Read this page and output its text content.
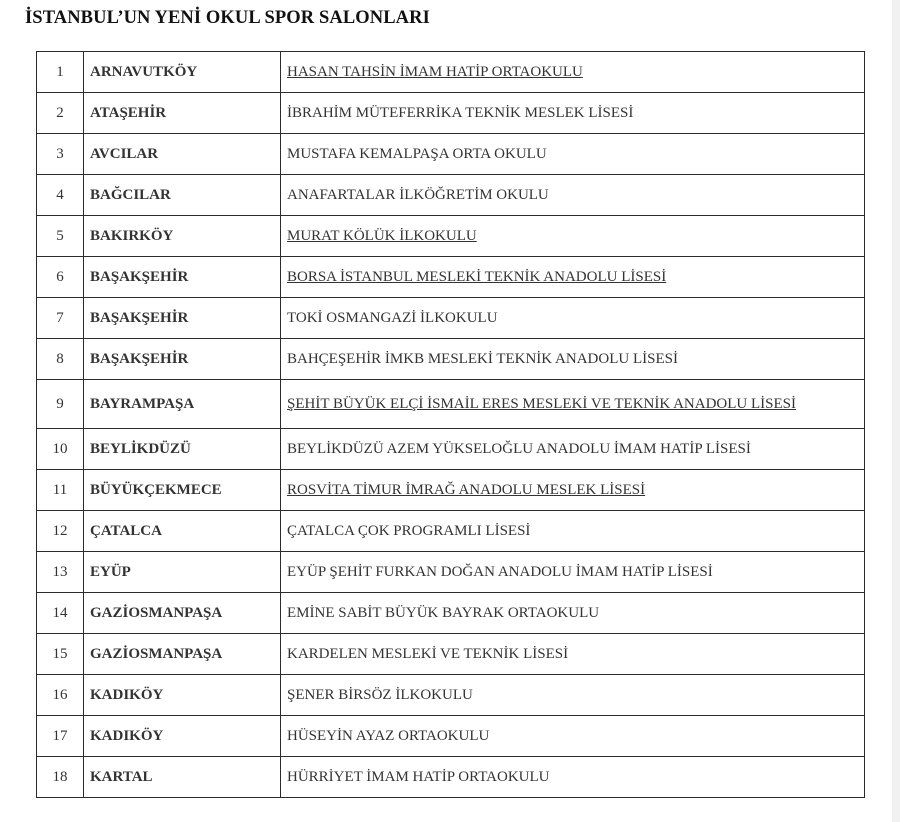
İSTANBUL’UN YENİ OKUL SPOR SALONLARI
1	ARNAVUTKÖY	HASAN TAHSİN İMAM HATİP ORTAOKULU
2	ATAŞEHİR	İBRAHİM MÜTEFERRİKA TEKNİK MESLEK LİSESİ
3	AVCILAR	MUSTAFA KEMALPAŞA ORTA OKULU
4	BAĞCILAR	ANAFARTALAR İLKÖĞRETİM OKULU
5	BAKIRKÖY	MURAT KÖLÜK İLKOKULU
6	BAŞAKŞEHİR	BORSA İSTANBUL MESLEKİ TEKNİK ANADOLU LİSESİ
7	BAŞAKŞEHİR	TOKİ OSMANGAZİ İLKOKULU
8	BAŞAKŞEHİR	BAHÇEŞEHİR İMKB MESLEKİ TEKNİK ANADOLU LİSESİ
9	BAYRAMPAŞA	ŞEHİT BÜYÜK ELÇİ İSMAİL ERES MESLEKİ VE TEKNİK ANADOLU LİSESİ
10	BEYLİKDÜZÜ	BEYLİKDÜZÜ AZEM YÜKSELOĞLU ANADOLU İMAM HATİP LİSESİ
11	BÜYÜKÇEKMECE	ROSVİTA TİMUR İMRAĞ ANADOLU MESLEK LİSESİ
12	ÇATALCA	ÇATALCA ÇOK PROGRAMLI LİSESİ
13	EYÜP	EYÜP ŞEHİT FURKAN DOĞAN ANADOLU İMAM HATİP LİSESİ
14	GAZİOSMANPAŞA	EMİNE SABİT BÜYÜK BAYRAK ORTAOKULU
15	GAZİOSMANPAŞA	KARDELEN MESLEKİ VE TEKNİK LİSESİ
16	KADIKÖY	ŞENER BİRSÖZ İLKOKULU
17	KADIKÖY	HÜSEYİN AYAZ ORTAOKULU
18	KARTAL	HÜRRİYET İMAM HATİP ORTAOKULU
